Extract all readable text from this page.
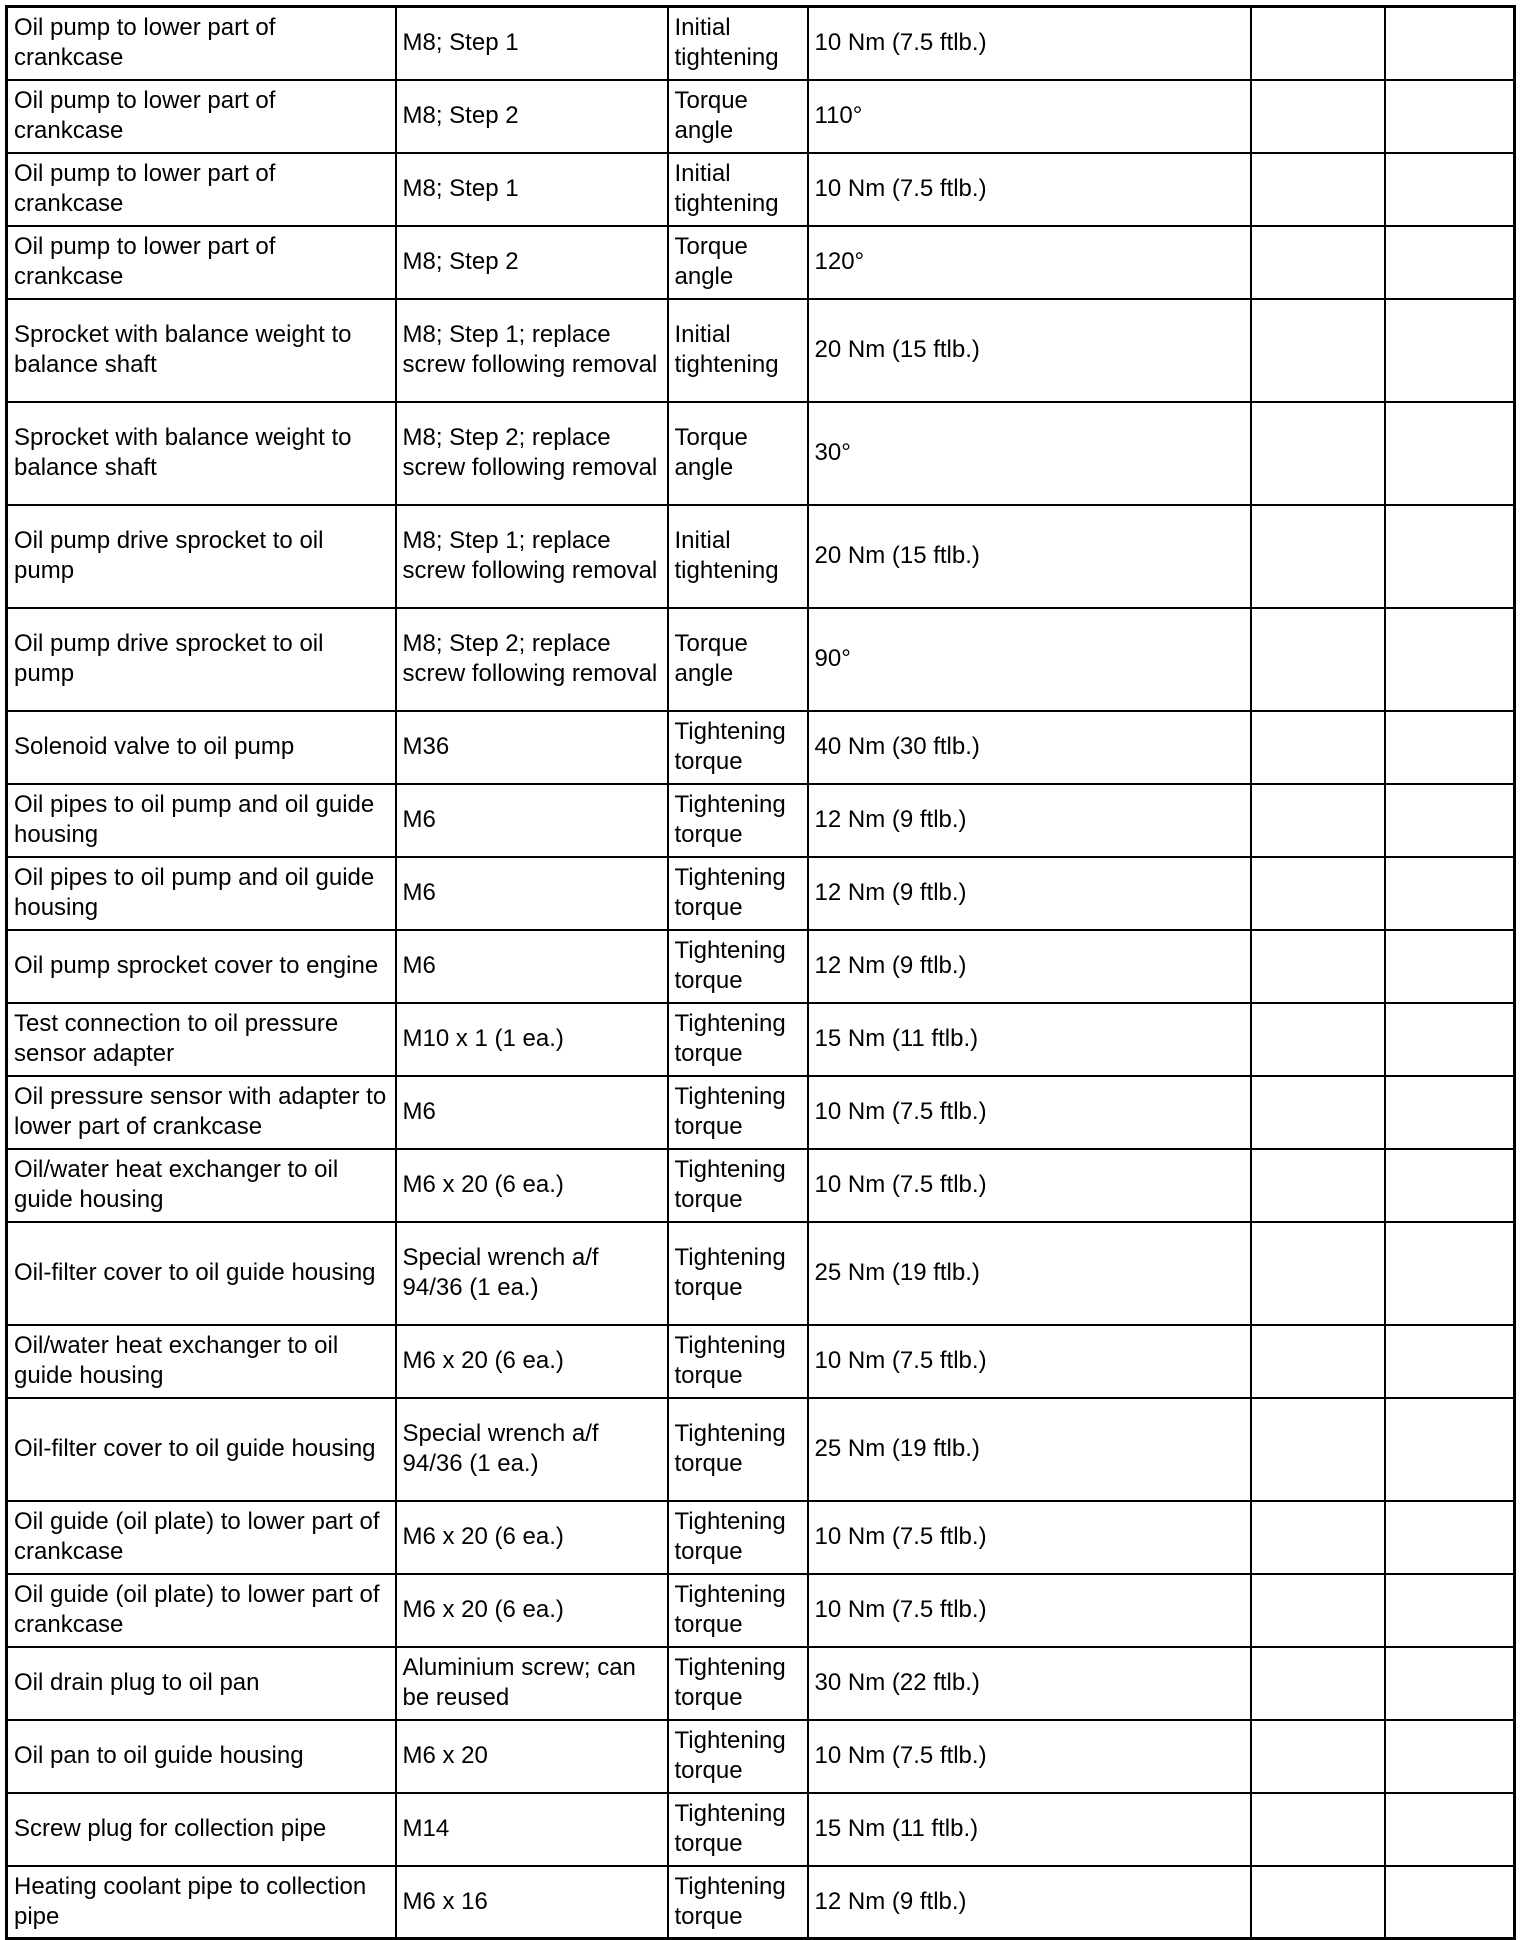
Oil pump to lower part of crankcase	M8; Step 1	Initial tightening	10 Nm (7.5 ftlb.)		
Oil pump to lower part of crankcase	M8; Step 2	Torque angle	110°		
Oil pump to lower part of crankcase	M8; Step 1	Initial tightening	10 Nm (7.5 ftlb.)		
Oil pump to lower part of crankcase	M8; Step 2	Torque angle	120°		
Sprocket with balance weight to balance shaft	M8; Step 1; replace screw following removal	Initial tightening	20 Nm (15 ftlb.)		
Sprocket with balance weight to balance shaft	M8; Step 2; replace screw following removal	Torque angle	30°		
Oil pump drive sprocket to oil pump	M8; Step 1; replace screw following removal	Initial tightening	20 Nm (15 ftlb.)		
Oil pump drive sprocket to oil pump	M8; Step 2; replace screw following removal	Torque angle	90°		
Solenoid valve to oil pump	M36	Tightening torque	40 Nm (30 ftlb.)		
Oil pipes to oil pump and oil guide housing	M6	Tightening torque	12 Nm (9 ftlb.)		
Oil pipes to oil pump and oil guide housing	M6	Tightening torque	12 Nm (9 ftlb.)		
Oil pump sprocket cover to engine	M6	Tightening torque	12 Nm (9 ftlb.)		
Test connection to oil pressure sensor adapter	M10 x 1 (1 ea.)	Tightening torque	15 Nm (11 ftlb.)		
Oil pressure sensor with adapter to lower part of crankcase	M6	Tightening torque	10 Nm (7.5 ftlb.)		
Oil/water heat exchanger to oil guide housing	M6 x 20 (6 ea.)	Tightening torque	10 Nm (7.5 ftlb.)		
Oil-filter cover to oil guide housing	Special wrench a/f 94/36 (1 ea.)	Tightening torque	25 Nm (19 ftlb.)		
Oil/water heat exchanger to oil guide housing	M6 x 20 (6 ea.)	Tightening torque	10 Nm (7.5 ftlb.)		
Oil-filter cover to oil guide housing	Special wrench a/f 94/36 (1 ea.)	Tightening torque	25 Nm (19 ftlb.)		
Oil guide (oil plate) to lower part of crankcase	M6 x 20 (6 ea.)	Tightening torque	10 Nm (7.5 ftlb.)		
Oil guide (oil plate) to lower part of crankcase	M6 x 20 (6 ea.)	Tightening torque	10 Nm (7.5 ftlb.)		
Oil drain plug to oil pan	Aluminium screw; can be reused	Tightening torque	30 Nm (22 ftlb.)		
Oil pan to oil guide housing	M6 x 20	Tightening torque	10 Nm (7.5 ftlb.)		
Screw plug for collection pipe	M14	Tightening torque	15 Nm (11 ftlb.)		
Heating coolant pipe to collection pipe	M6 x 16	Tightening torque	12 Nm (9 ftlb.)		
